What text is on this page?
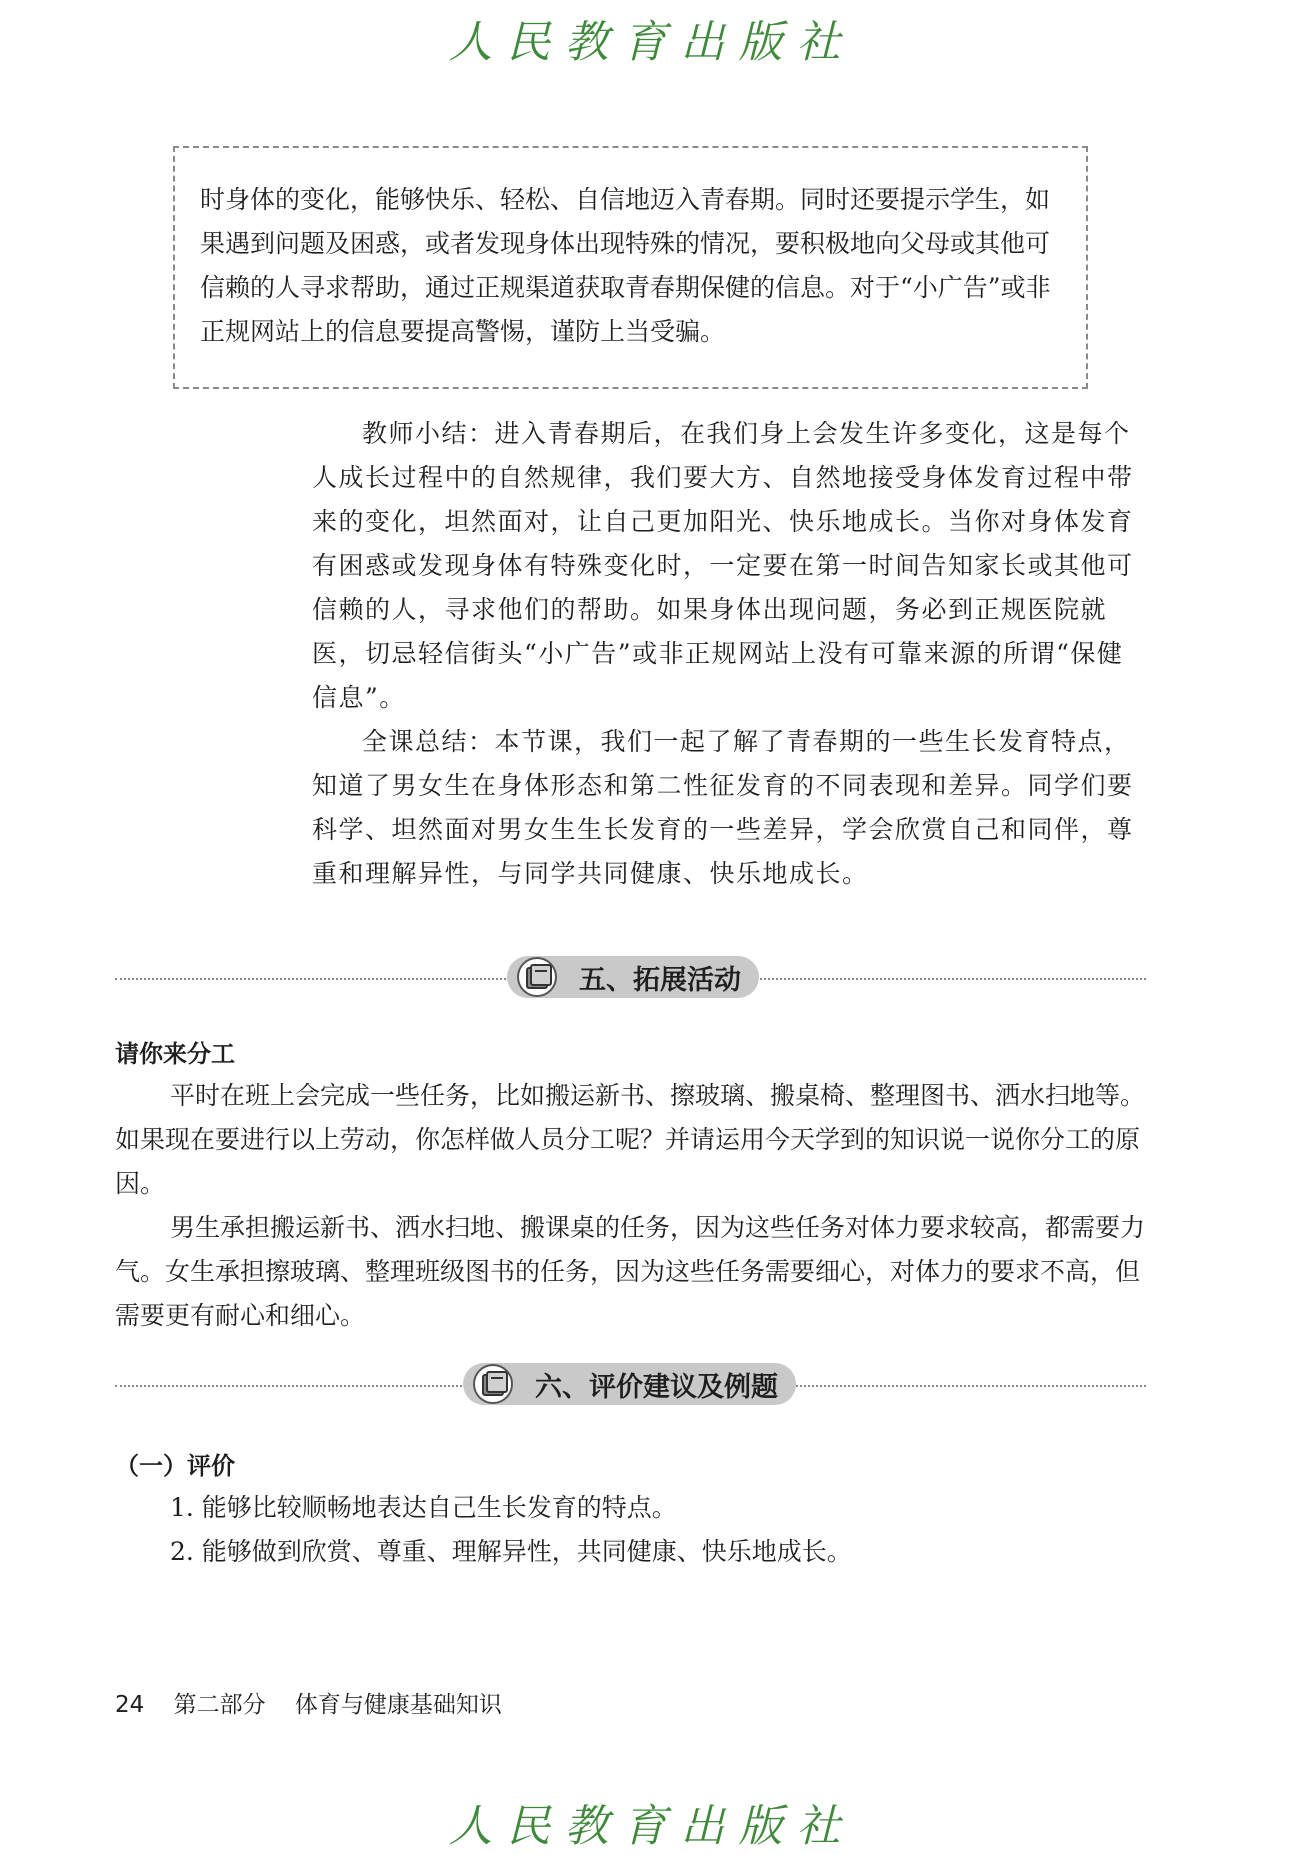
人民教育出版社

时身体的变化，能够快乐、轻松、自信地迈入青春期。同时还要提示学生，如果遇到问题及困惑，或者发现身体出现特殊的情况，要积极地向父母或其他可信赖的人寻求帮助，通过正规渠道获取青春期保健的信息。对于“小广告”或非正规网站上的信息要提高警惕，谨防上当受骗。

教师小结：进入青春期后，在我们身上会发生许多变化，这是每个人成长过程中的自然规律，我们要大方、自然地接受身体发育过程中带来的变化，坦然面对，让自己更加阳光、快乐地成长。当你对身体发育有困惑或发现身体有特殊变化时，一定要在第一时间告知家长或其他可信赖的人，寻求他们的帮助。如果身体出现问题，务必到正规医院就医，切忌轻信街头“小广告”或非正规网站上没有可靠来源的所谓“保健信息”。

全课总结：本节课，我们一起了解了青春期的一些生长发育特点，知道了男女生在身体形态和第二性征发育的不同表现和差异。同学们要科学、坦然面对男女生生长发育的一些差异，学会欣赏自己和同伴，尊重和理解异性，与同学共同健康、快乐地成长。

五、拓展活动

请你来分工

平时在班上会完成一些任务，比如搬运新书、擦玻璃、搬桌椅、整理图书、洒水扫地等。如果现在要进行以上劳动，你怎样做人员分工呢？并请运用今天学到的知识说一说你分工的原因。

男生承担搬运新书、洒水扫地、搬课桌的任务，因为这些任务对体力要求较高，都需要力气。女生承担擦玻璃、整理班级图书的任务，因为这些任务需要细心，对体力的要求不高，但需要更有耐心和细心。

六、评价建议及例题

（一）评价

1. 能够比较顺畅地表达自己生长发育的特点。

2. 能够做到欣赏、尊重、理解异性，共同健康、快乐地成长。

24 第二部分 体育与健康基础知识
人民教育出版社
